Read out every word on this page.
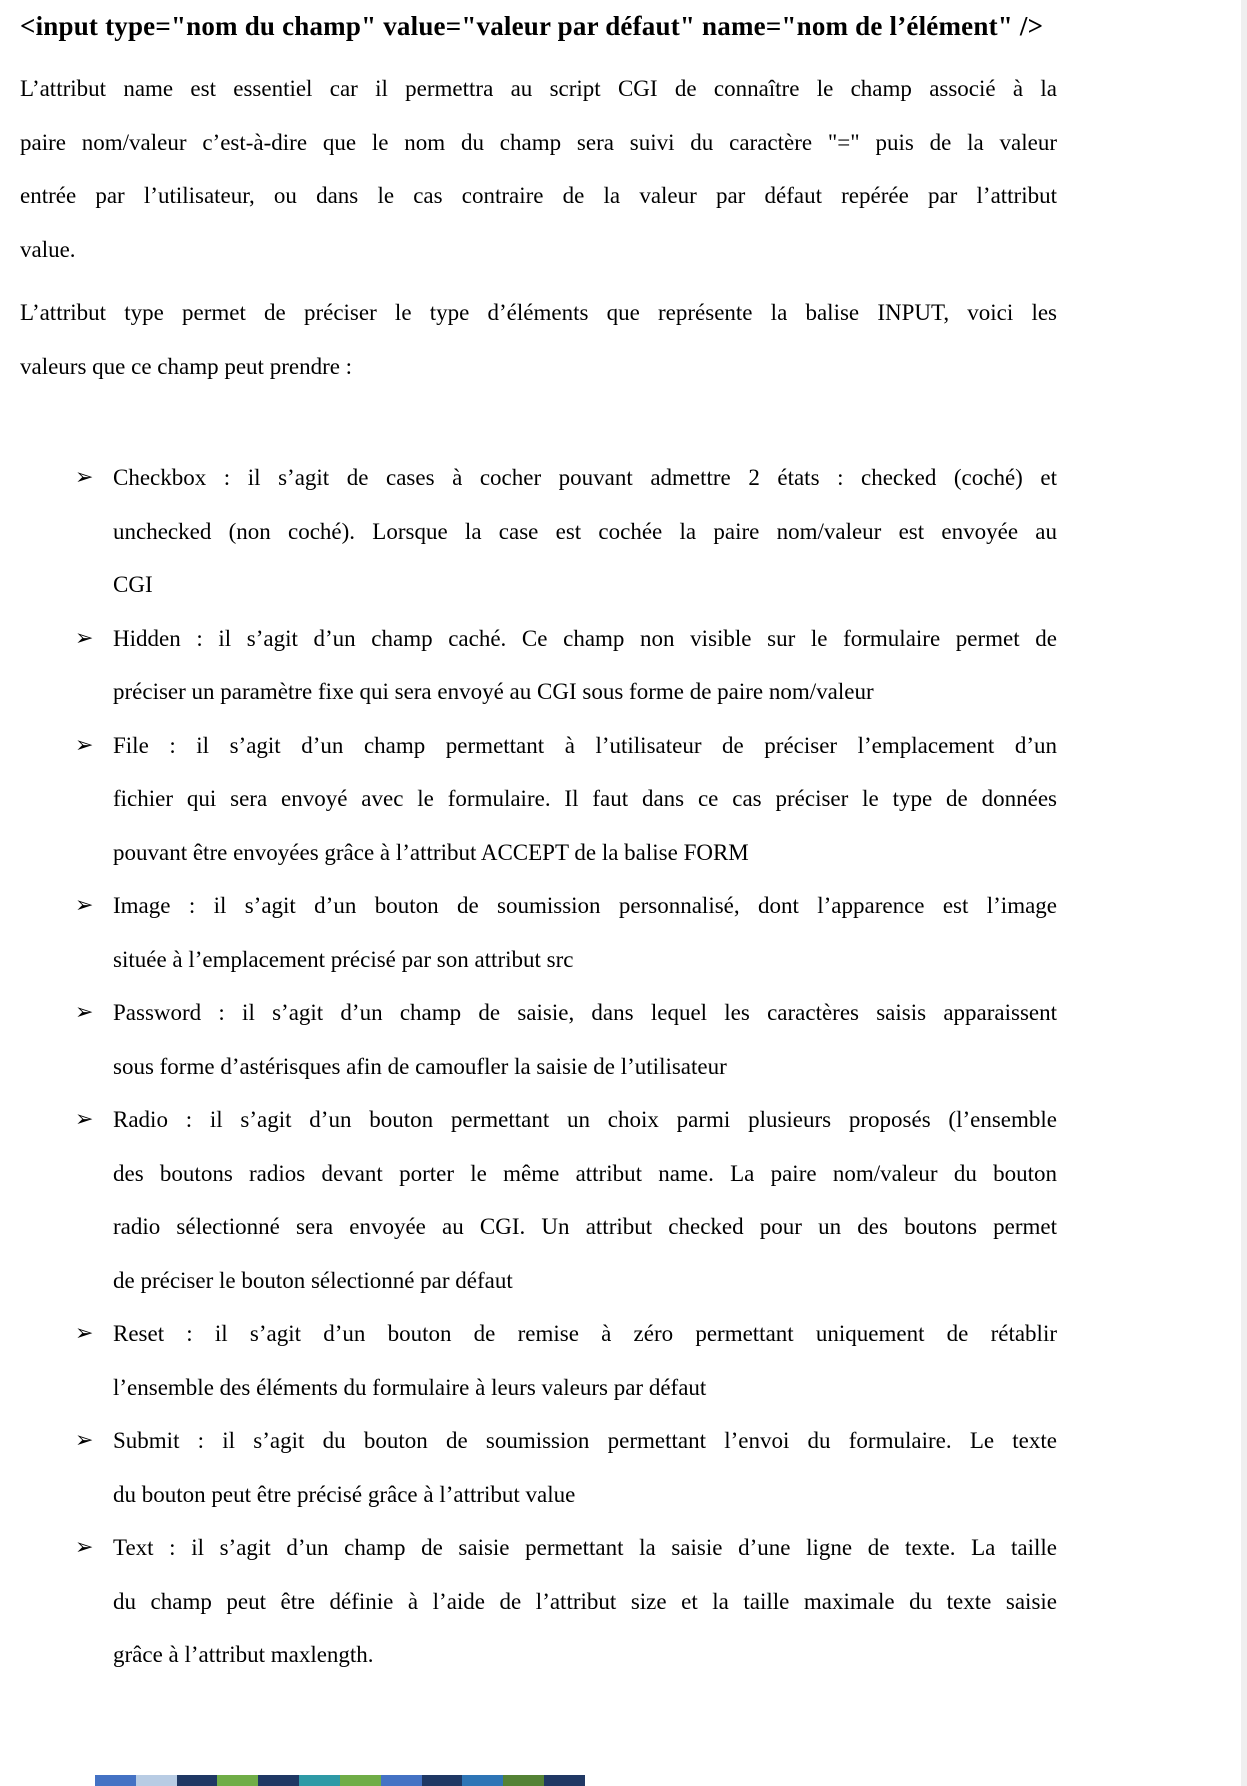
<input type="nom du champ" value="valeur par défaut" name="nom de l’élément" />
L’attribut name est essentiel car il permettra au script CGI de connaître le champ associé à la
paire nom/valeur c’est-à-dire que le nom du champ sera suivi du caractère "=" puis de la valeur
entrée par l’utilisateur, ou dans le cas contraire de la valeur par défaut repérée par l’attribut
value.
L’attribut type permet de préciser le type d’éléments que représente la balise INPUT, voici les
valeurs que ce champ peut prendre :
➢ Checkbox : il s’agit de cases à cocher pouvant admettre 2 états : checked (coché) et
unchecked (non coché). Lorsque la case est cochée la paire nom/valeur est envoyée au
CGI
➢ Hidden : il s’agit d’un champ caché. Ce champ non visible sur le formulaire permet de
préciser un paramètre fixe qui sera envoyé au CGI sous forme de paire nom/valeur
➢ File : il s’agit d’un champ permettant à l’utilisateur de préciser l’emplacement d’un
fichier qui sera envoyé avec le formulaire. Il faut dans ce cas préciser le type de données
pouvant être envoyées grâce à l’attribut ACCEPT de la balise FORM
➢ Image : il s’agit d’un bouton de soumission personnalisé, dont l’apparence est l’image
située à l’emplacement précisé par son attribut src
➢ Password : il s’agit d’un champ de saisie, dans lequel les caractères saisis apparaissent
sous forme d’astérisques afin de camoufler la saisie de l’utilisateur
➢ Radio : il s’agit d’un bouton permettant un choix parmi plusieurs proposés (l’ensemble
des boutons radios devant porter le même attribut name. La paire nom/valeur du bouton
radio sélectionné sera envoyée au CGI. Un attribut checked pour un des boutons permet
de préciser le bouton sélectionné par défaut
➢ Reset : il s’agit d’un bouton de remise à zéro permettant uniquement de rétablir
l’ensemble des éléments du formulaire à leurs valeurs par défaut
➢ Submit : il s’agit du bouton de soumission permettant l’envoi du formulaire. Le texte
du bouton peut être précisé grâce à l’attribut value
➢ Text : il s’agit d’un champ de saisie permettant la saisie d’une ligne de texte. La taille
du champ peut être définie à l’aide de l’attribut size et la taille maximale du texte saisie
grâce à l’attribut maxlength.
